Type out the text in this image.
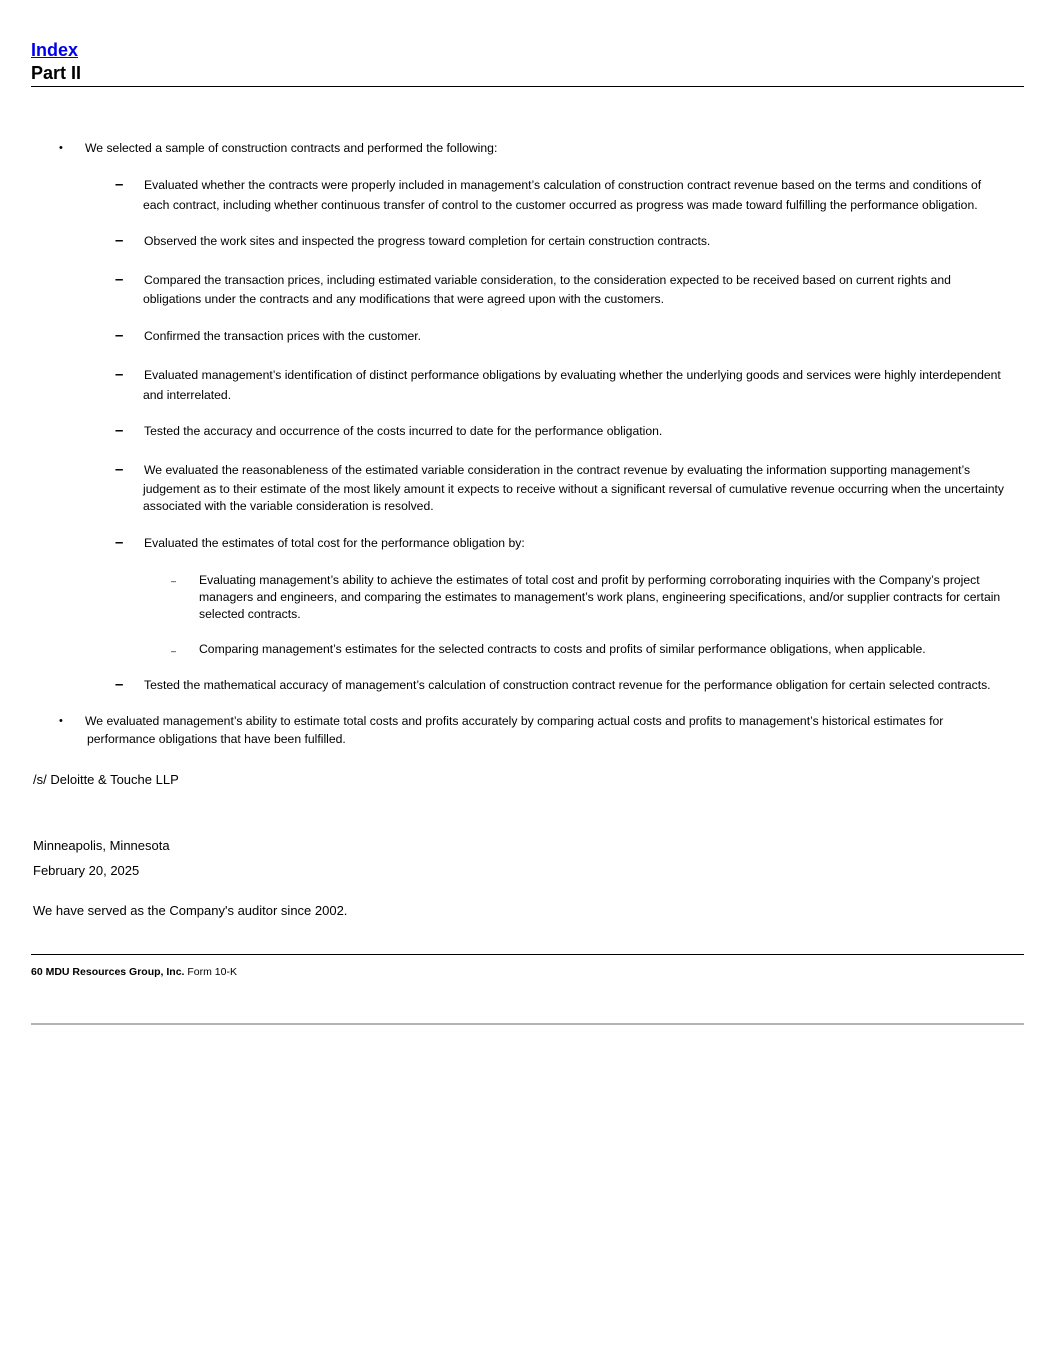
Index
Part II
• We selected a sample of construction contracts and performed the following:
– Evaluated whether the contracts were properly included in management’s calculation of construction contract revenue based on the terms and conditions of
each contract, including whether continuous transfer of control to the customer occurred as progress was made toward fulfilling the performance obligation.
– Observed the work sites and inspected the progress toward completion for certain construction contracts.
– Compared the transaction prices, including estimated variable consideration, to the consideration expected to be received based on current rights and
obligations under the contracts and any modifications that were agreed upon with the customers.
– Confirmed the transaction prices with the customer.
– Evaluated management’s identification of distinct performance obligations by evaluating whether the underlying goods and services were highly interdependent
and interrelated.
– Tested the accuracy and occurrence of the costs incurred to date for the performance obligation.
– We evaluated the reasonableness of the estimated variable consideration in the contract revenue by evaluating the information supporting management’s
judgement as to their estimate of the most likely amount it expects to receive without a significant reversal of cumulative revenue occurring when the uncertainty
associated with the variable consideration is resolved.
– Evaluated the estimates of total cost for the performance obligation by:
– Evaluating management’s ability to achieve the estimates of total cost and profit by performing corroborating inquiries with the Company’s project
managers and engineers, and comparing the estimates to management’s work plans, engineering specifications, and/or supplier contracts for certain
selected contracts.
– Comparing management’s estimates for the selected contracts to costs and profits of similar performance obligations, when applicable.
– Tested the mathematical accuracy of management’s calculation of construction contract revenue for the performance obligation for certain selected contracts.
• We evaluated management’s ability to estimate total costs and profits accurately by comparing actual costs and profits to management’s historical estimates for
performance obligations that have been fulfilled.
/s/ Deloitte & Touche LLP
Minneapolis, Minnesota
February 20, 2025
We have served as the Company's auditor since 2002.
60 MDU Resources Group, Inc. Form 10-K
